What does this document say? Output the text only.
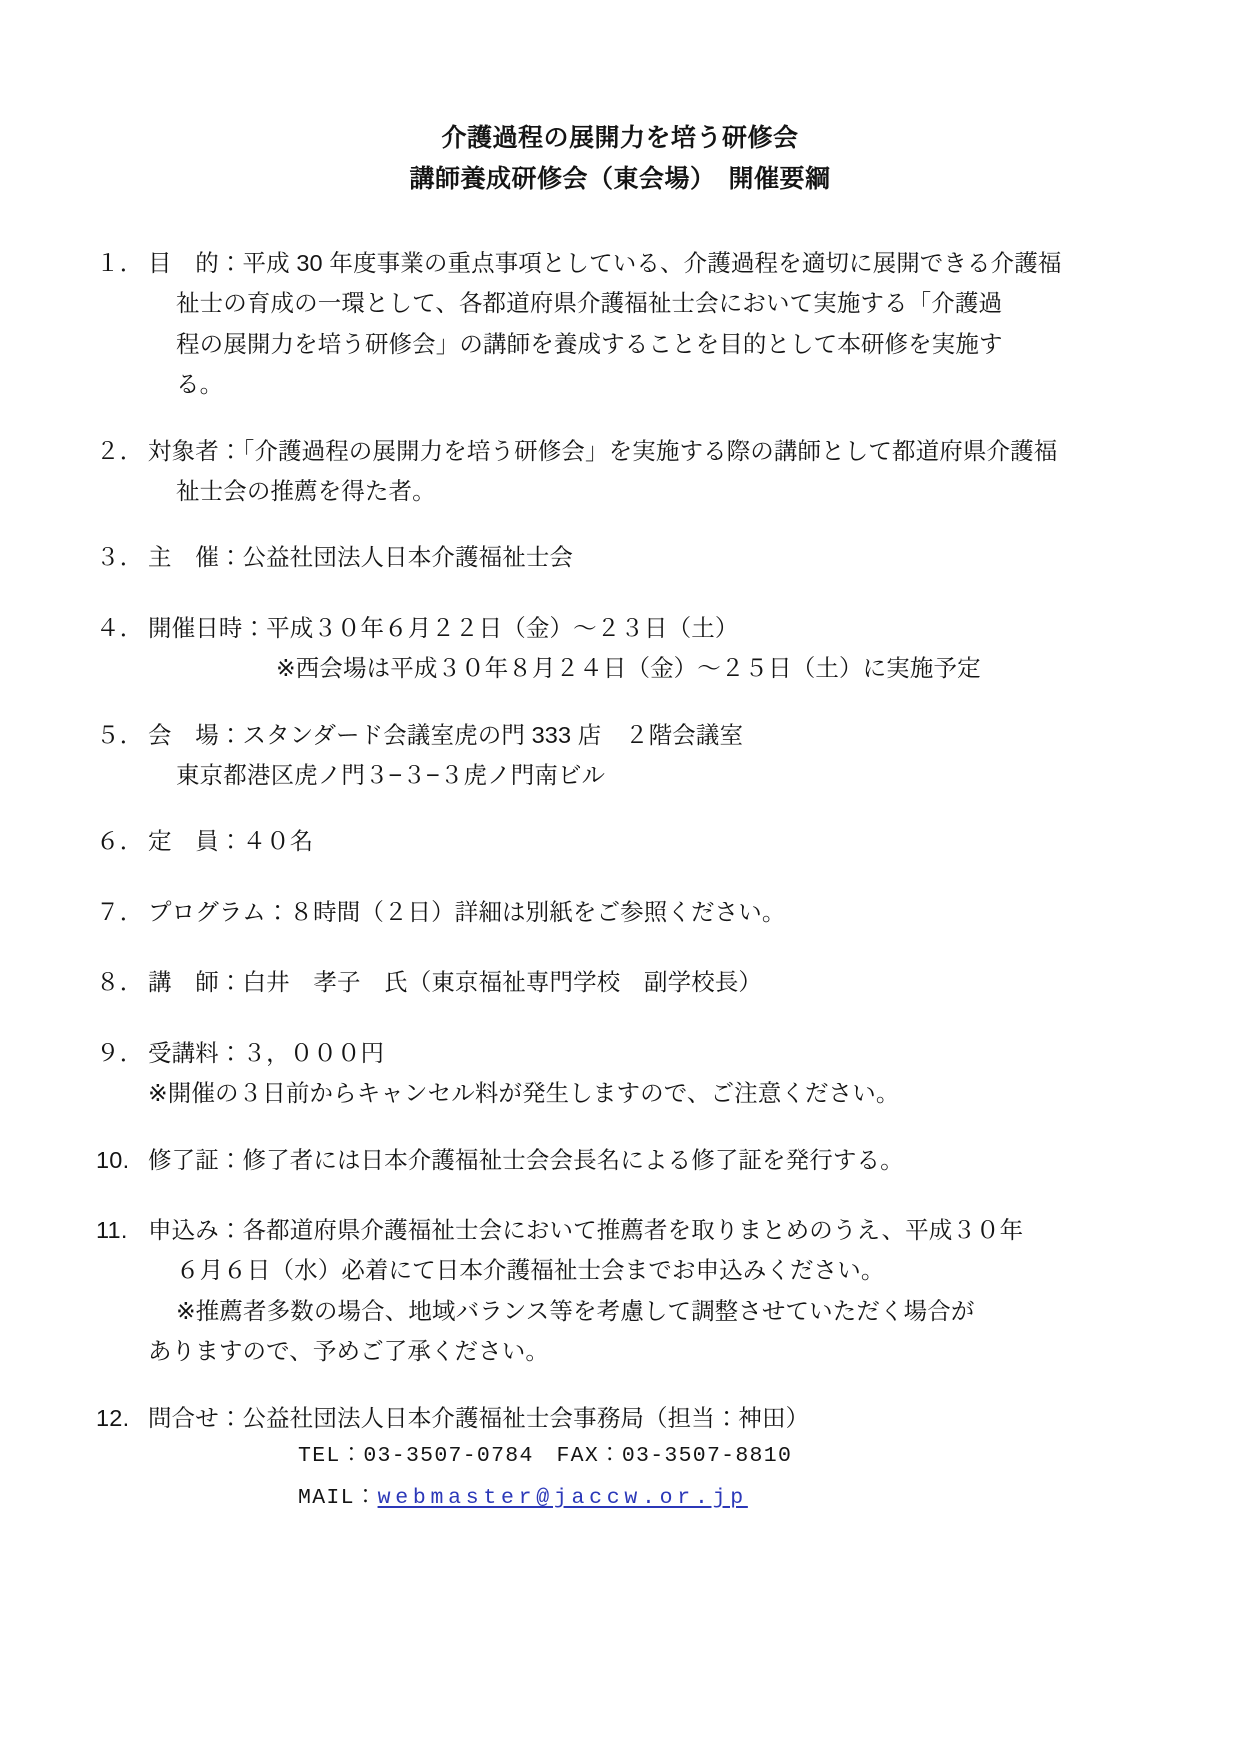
介護過程の展開力を培う研修会
講師養成研修会（東会場）　開催要綱
１． 目　的：平成 30 年度事業の重点事項としている、介護過程を適切に展開できる介護福
祉士の育成の一環として、各都道府県介護福祉士会において実施する「介護過
程の展開力を培う研修会」の講師を養成することを目的として本研修を実施す
る。
２． 対象者：「介護過程の展開力を培う研修会」を実施する際の講師として都道府県介護福
祉士会の推薦を得た者。
３． 主　催：公益社団法人日本介護福祉士会
４． 開催日時：平成３０年６月２２日（金）〜２３日（土）
※西会場は平成３０年８月２４日（金）〜２５日（土）に実施予定
５． 会　場：スタンダード会議室虎の門 333 店　２階会議室
東京都港区虎ノ門３−３−３虎ノ門南ビル
６． 定　員：４０名
７． プログラム：８時間（２日）詳細は別紙をご参照ください。
８． 講　師：白井　孝子　氏（東京福祉専門学校　副学校長）
９． 受講料：３，０００円
※開催の３日前からキャンセル料が発生しますので、ご注意ください。
10. 修了証：修了者には日本介護福祉士会会長名による修了証を発行する。
11. 申込み：各都道府県介護福祉士会において推薦者を取りまとめのうえ、平成３０年
６月６日（水）必着にて日本介護福祉士会までお申込みください。
※推薦者多数の場合、地域バランス等を考慮して調整させていただく場合が
ありますので、予めご了承ください。
12. 問合せ：公益社団法人日本介護福祉士会事務局（担当：神田）
TEL：03-3507-0784　FAX：03-3507-8810
MAIL：webmaster@jaccw.or.jp
